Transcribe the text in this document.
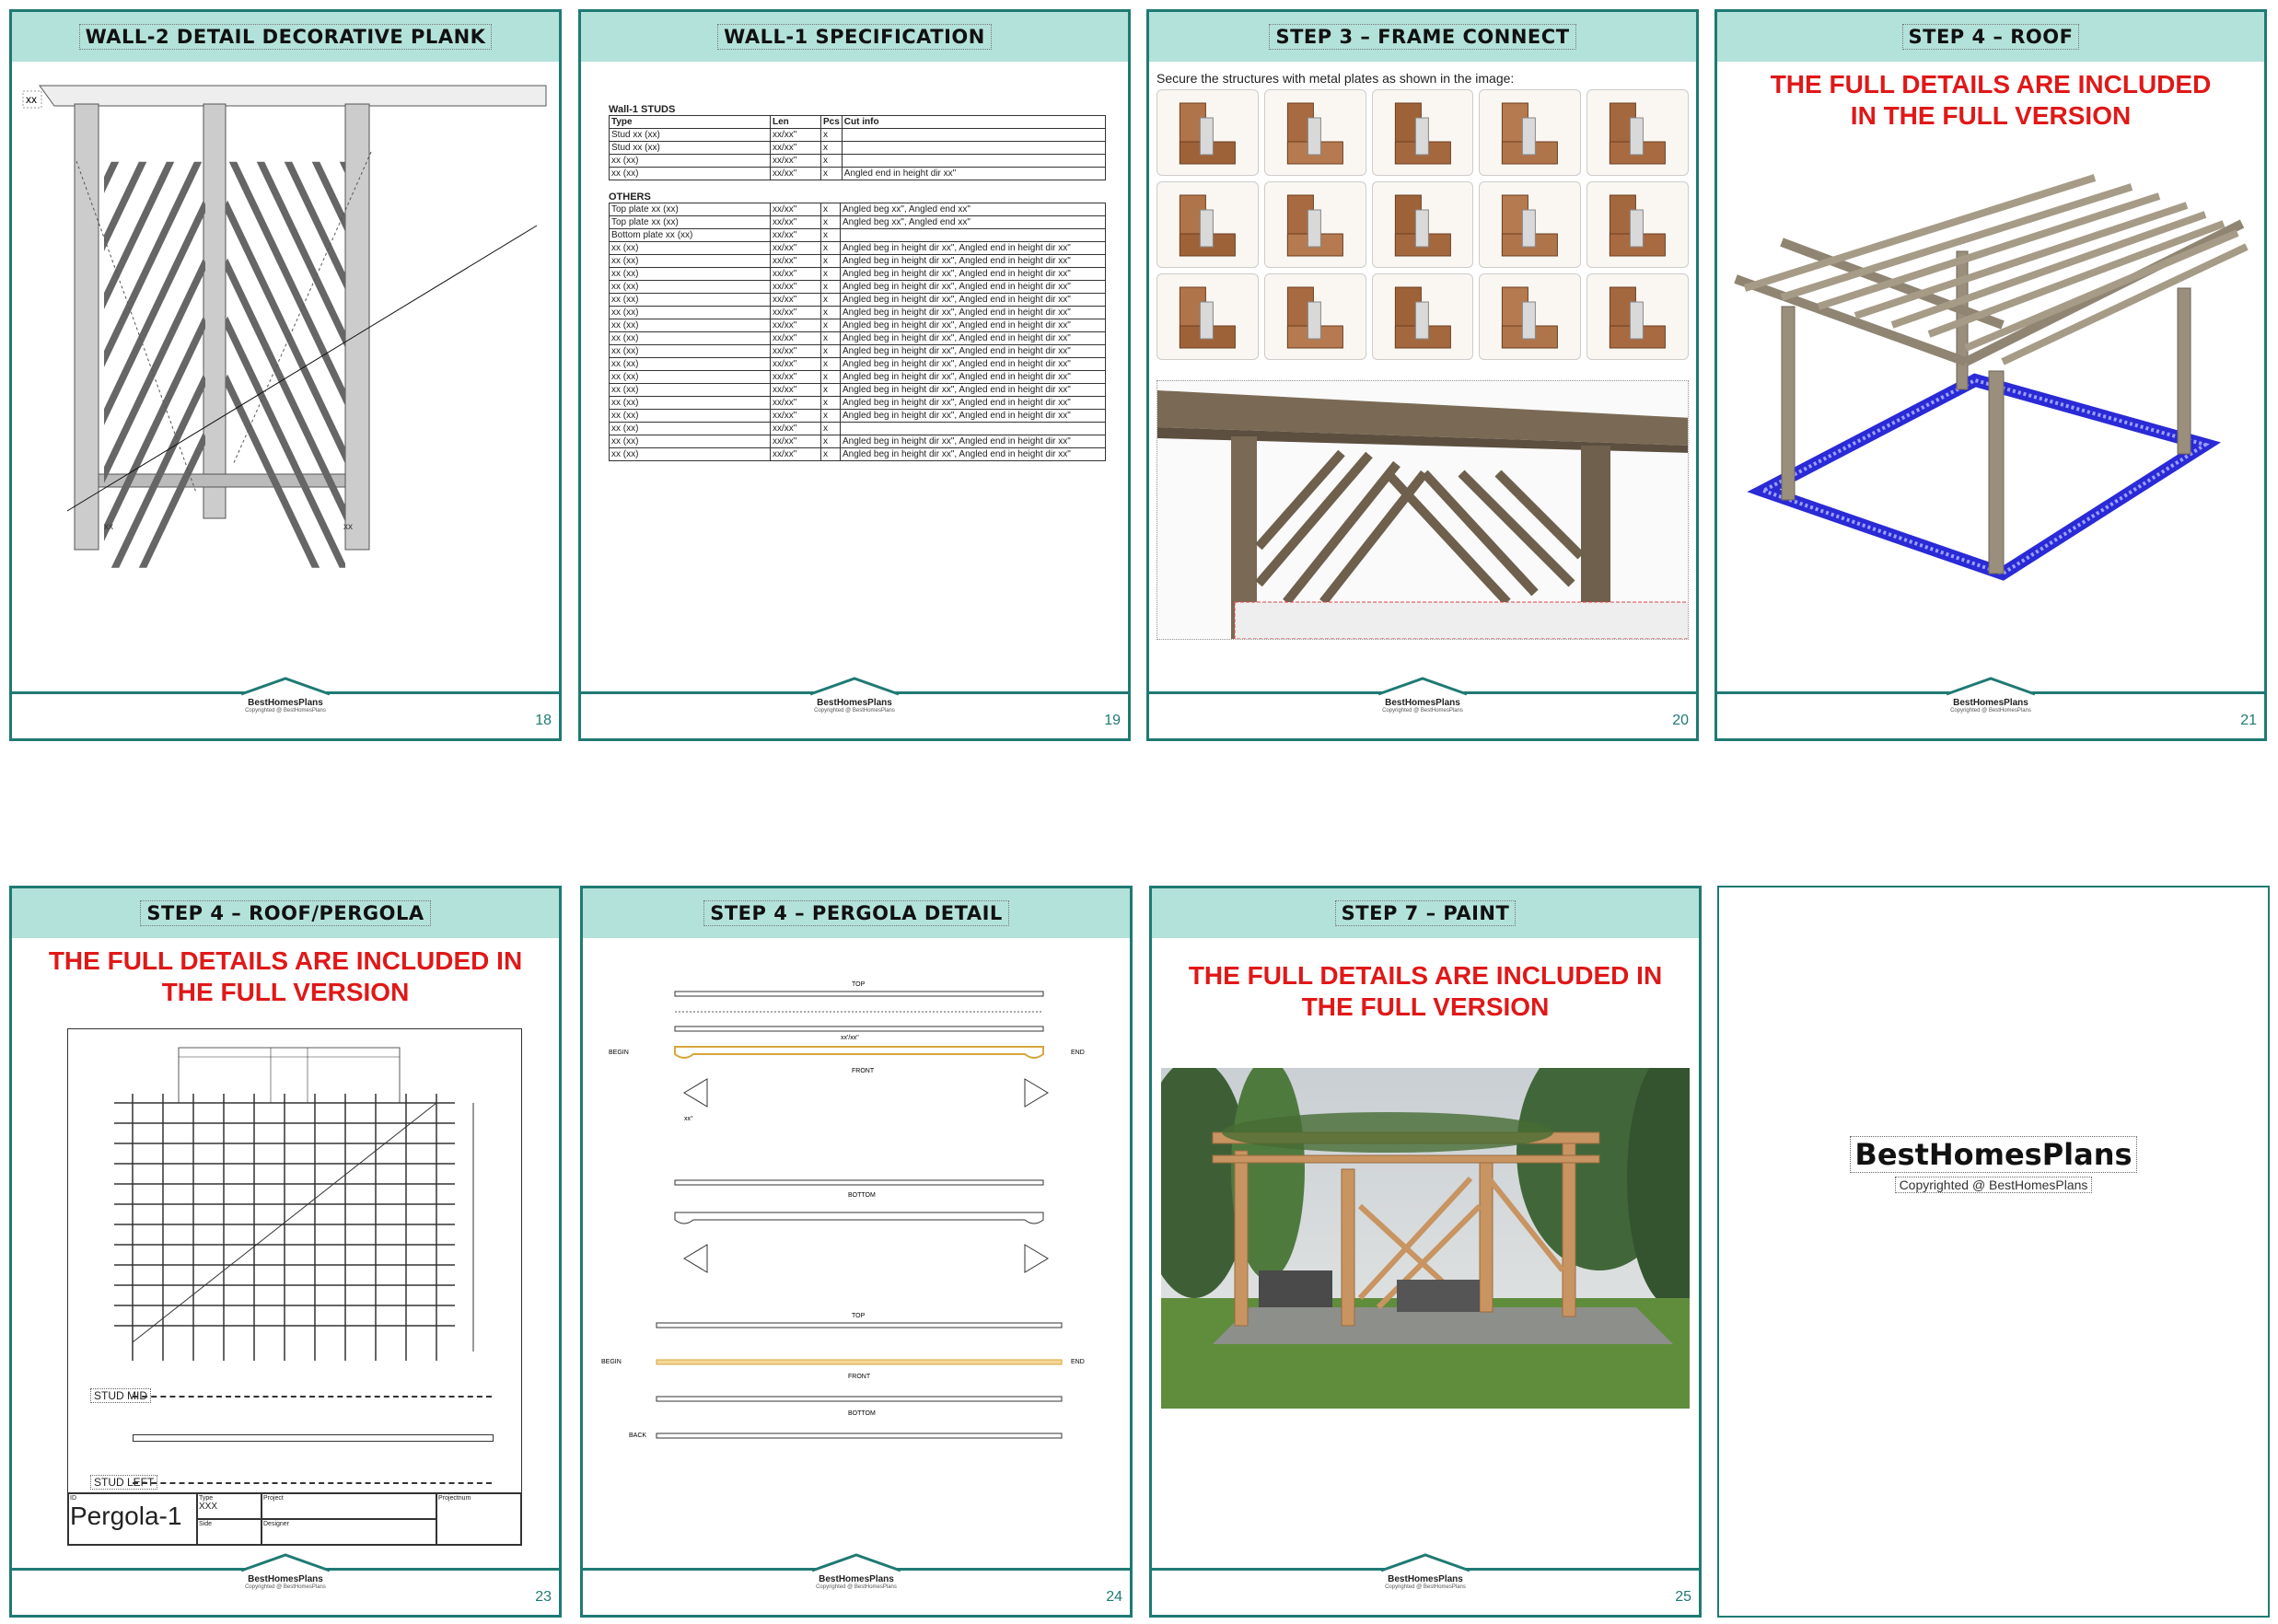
WALL-2 DETAIL DECORATIVE PLANK
xx
xx	xx
BestHomesPlans
Copyrighted @ BestHomesPlans
18
WALL-1 SPECIFICATION
Wall-1 STUDS
Type	Len	Pcs	Cut info
Stud xx (xx)	xx/xx"	x	
Stud xx (xx)	xx/xx"	x	
xx (xx)	xx/xx"	x	
xx (xx)	xx/xx"	x	Angled end in height dir xx"
OTHERS
Top plate xx (xx)	xx/xx"	x	Angled beg xx", Angled end xx"
Top plate xx (xx)	xx/xx"	x	Angled beg xx", Angled end xx"
Bottom plate xx (xx)	xx/xx"	x	
xx (xx)	xx/xx"	x	Angled beg in height dir xx", Angled end in height dir xx"
xx (xx)	xx/xx"	x	Angled beg in height dir xx", Angled end in height dir xx"
xx (xx)	xx/xx"	x	Angled beg in height dir xx", Angled end in height dir xx"
xx (xx)	xx/xx"	x	Angled beg in height dir xx", Angled end in height dir xx"
xx (xx)	xx/xx"	x	Angled beg in height dir xx", Angled end in height dir xx"
xx (xx)	xx/xx"	x	Angled beg in height dir xx", Angled end in height dir xx"
xx (xx)	xx/xx"	x	Angled beg in height dir xx", Angled end in height dir xx"
xx (xx)	xx/xx"	x	Angled beg in height dir xx", Angled end in height dir xx"
xx (xx)	xx/xx"	x	Angled beg in height dir xx", Angled end in height dir xx"
xx (xx)	xx/xx"	x	Angled beg in height dir xx", Angled end in height dir xx"
xx (xx)	xx/xx"	x	Angled beg in height dir xx", Angled end in height dir xx"
xx (xx)	xx/xx"	x	Angled beg in height dir xx", Angled end in height dir xx"
xx (xx)	xx/xx"	x	Angled beg in height dir xx", Angled end in height dir xx"
xx (xx)	xx/xx"	x	Angled beg in height dir xx", Angled end in height dir xx"
xx (xx)	xx/xx"	x	
xx (xx)	xx/xx"	x	Angled beg in height dir xx", Angled end in height dir xx"
xx (xx)	xx/xx"	x	Angled beg in height dir xx", Angled end in height dir xx"
BestHomesPlans
Copyrighted @ BestHomesPlans
19
STEP 3 – FRAME CONNECT
Secure the structures with metal plates as shown in the image:
BestHomesPlans
Copyrighted @ BestHomesPlans
20
STEP 4 – ROOF
THE FULL DETAILS ARE INCLUDED IN THE FULL VERSION
BestHomesPlans
Copyrighted @ BestHomesPlans
21
STEP 4 – ROOF/PERGOLA
THE FULL DETAILS ARE INCLUDED IN THE FULL VERSION
STUD MID
STUD LEFT
ID
Pergola-1
Type
XXX
Side
Project
Designer
Projectnum
BestHomesPlans
Copyrighted @ BestHomesPlans
23
STEP 4 – PERGOLA DETAIL
TOP
FRONT
BEGIN	END
xx'/xx"
xx°
BOTTOM
TOP
FRONT
BEGIN	END
BOTTOM
BACK
BestHomesPlans
Copyrighted @ BestHomesPlans
24
STEP 7 – PAINT
THE FULL DETAILS ARE INCLUDED IN THE FULL VERSION
BestHomesPlans
Copyrighted @ BestHomesPlans
25
BestHomesPlans
Copyrighted @ BestHomesPlans
